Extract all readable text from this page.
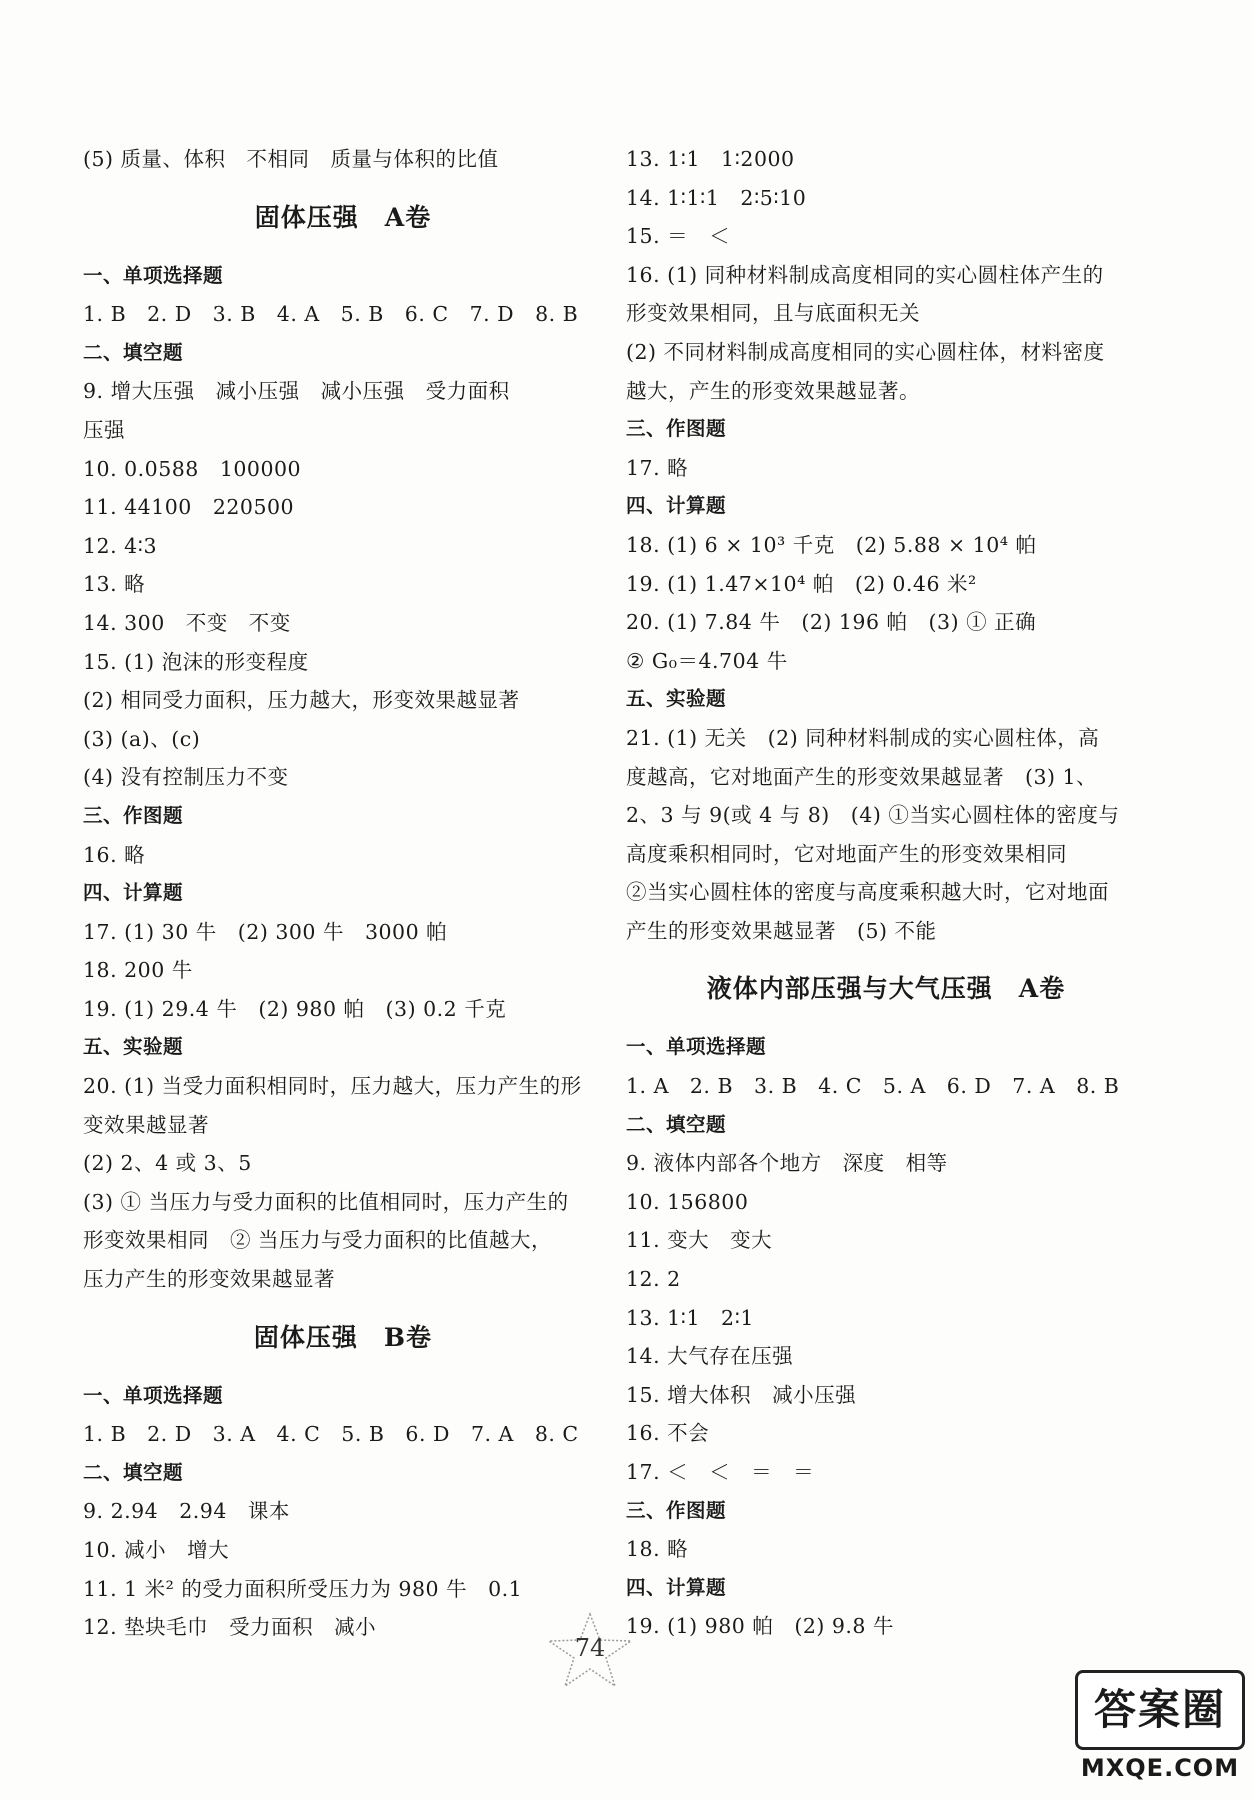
(5) 质量、体积　不相同　质量与体积的比值
固体压强　A卷
一、单项选择题
1. B　2. D　3. B　4. A　5. B　6. C　7. D　8. B
二、填空题
9. 增大压强　减小压强　减小压强　受力面积
压强
10. 0.0588　100000
11. 44100　220500
12. 4∶3
13. 略
14. 300　不变　不变
15. (1) 泡沫的形变程度
(2) 相同受力面积，压力越大，形变效果越显著
(3) (a)、(c)
(4) 没有控制压力不变
三、作图题
16. 略
四、计算题
17. (1) 30 牛　(2) 300 牛　3000 帕
18. 200 牛
19. (1) 29.4 牛　(2) 980 帕　(3) 0.2 千克
五、实验题
20. (1) 当受力面积相同时，压力越大，压力产生的形
变效果越显著
(2) 2、4 或 3、5
(3) ① 当压力与受力面积的比值相同时，压力产生的
形变效果相同　② 当压力与受力面积的比值越大，
压力产生的形变效果越显著
固体压强　B卷
一、单项选择题
1. B　2. D　3. A　4. C　5. B　6. D　7. A　8. C
二、填空题
9. 2.94　2.94　课本
10. 减小　增大
11. 1 米² 的受力面积所受压力为 980 牛　0.1
12. 垫块毛巾　受力面积　减小
13. 1∶1　1∶2000
14. 1∶1∶1　2∶5∶10
15. ＝　＜
16. (1) 同种材料制成高度相同的实心圆柱体产生的
形变效果相同，且与底面积无关
(2) 不同材料制成高度相同的实心圆柱体，材料密度
越大，产生的形变效果越显著。
三、作图题
17. 略
四、计算题
18. (1) 6 × 10³ 千克　(2) 5.88 × 10⁴ 帕
19. (1) 1.47×10⁴ 帕　(2) 0.46 米²
20. (1) 7.84 牛　(2) 196 帕　(3) ① 正确
② G₀＝4.704 牛
五、实验题
21. (1) 无关　(2) 同种材料制成的实心圆柱体，高
度越高，它对地面产生的形变效果越显著　(3) 1、
2、3 与 9(或 4 与 8)　(4) ①当实心圆柱体的密度与
高度乘积相同时，它对地面产生的形变效果相同
②当实心圆柱体的密度与高度乘积越大时，它对地面
产生的形变效果越显著　(5) 不能
液体内部压强与大气压强　A卷
一、单项选择题
1. A　2. B　3. B　4. C　5. A　6. D　7. A　8. B
二、填空题
9. 液体内部各个地方　深度　相等
10. 156800
11. 变大　变大
12. 2
13. 1∶1　2∶1
14. 大气存在压强
15. 增大体积　减小压强
16. 不会
17. ＜　＜　＝　＝
三、作图题
18. 略
四、计算题
19. (1) 980 帕　(2) 9.8 牛
74
答案圈
MXQE.COM
